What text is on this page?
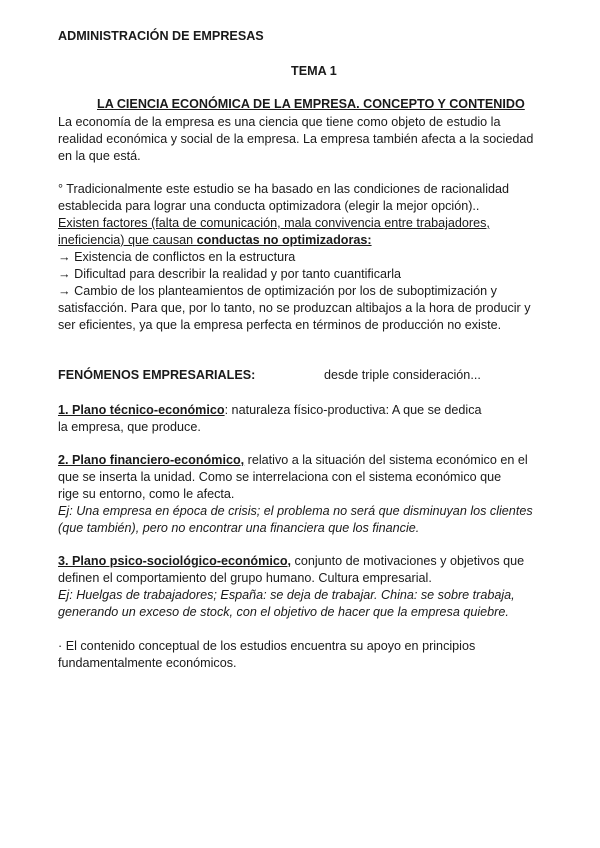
ADMINISTRACIÓN DE EMPRESAS
TEMA 1
LA CIENCIA ECONÓMICA DE LA EMPRESA. CONCEPTO Y CONTENIDO
La economía de la empresa es una ciencia que tiene como objeto de estudio la
realidad económica y social de la empresa. La empresa también afecta a la sociedad
en la que está.
° Tradicionalmente este estudio se ha basado en las condiciones de racionalidad
establecida para lograr una conducta optimizadora (elegir la mejor opción)..
Existen factores (falta de comunicación, mala convivencia entre trabajadores,
ineficiencia) que causan conductas no optimizadoras:
→ Existencia de conflictos en la estructura
→ Dificultad para describir la realidad y por tanto cuantificarla
→ Cambio de los planteamientos de optimización por los de suboptimización y
satisfacción. Para que, por lo tanto, no se produzcan altibajos a la hora de producir y
ser eficientes, ya que la empresa perfecta en términos de producción no existe.
FENÓMENOS EMPRESARIALES:	desde triple consideración...
1. Plano técnico-económico: naturaleza físico-productiva: A que se dedica
la empresa, que produce.
2. Plano financiero-económico, relativo a la situación del sistema económico en el
que se inserta la unidad. Como se interrelaciona con el sistema económico que
rige su entorno, como le afecta.
Ej: Una empresa en época de crisis; el problema no será que disminuyan los clientes
(que también), pero no encontrar una financiera que los financie.
3. Plano psico-sociológico-económico, conjunto de motivaciones y objetivos que
definen el comportamiento del grupo humano. Cultura empresarial.
Ej: Huelgas de trabajadores; España: se deja de trabajar. China: se sobre trabaja,
generando un exceso de stock, con el objetivo de hacer que la empresa quiebre.
· El contenido conceptual de los estudios encuentra su apoyo en principios
fundamentalmente económicos.
